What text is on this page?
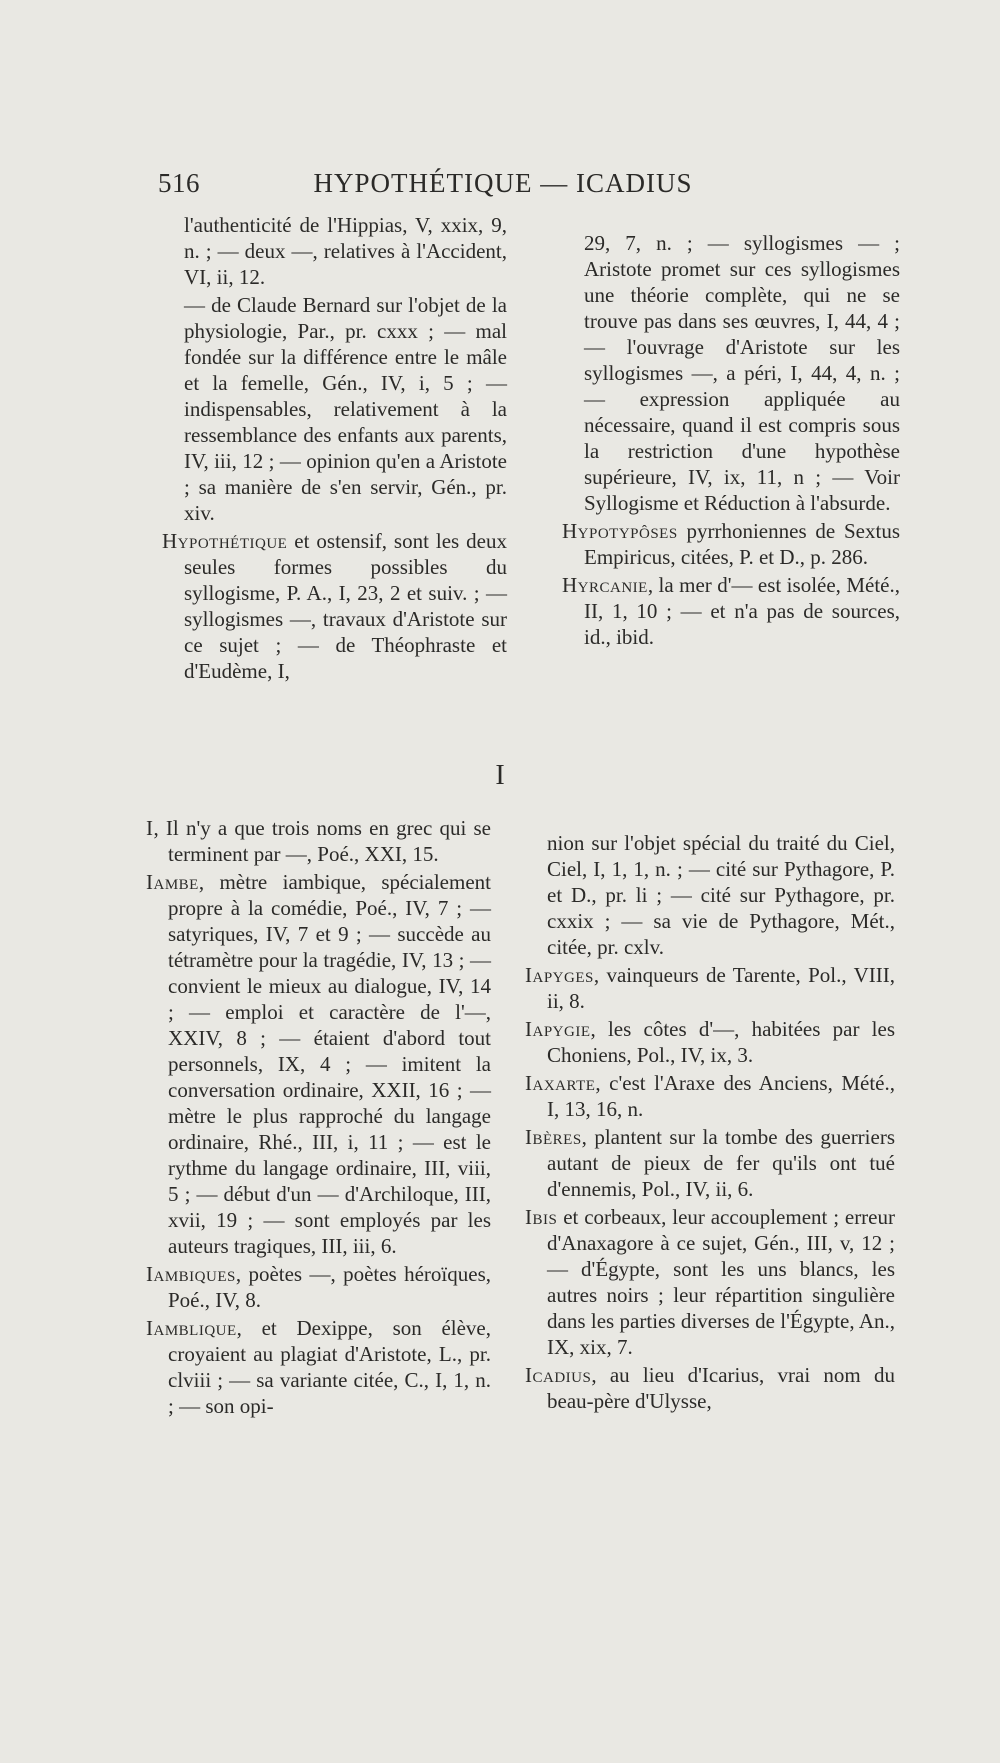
516	HYPOTHÉTIQUE — ICADIUS

l'authenticité de l'Hippias, V, xxix, 9, n. ; — deux —, relatives à l'Accident, VI, ii, 12.

— de Claude Bernard sur l'objet de la physiologie, Par., pr. cxxx ; — mal fondée sur la différence entre le mâle et la femelle, Gén., IV, i, 5 ; — indispensables, relativement à la ressemblance des enfants aux parents, IV, iii, 12 ; — opinion qu'en a Aristote ; sa manière de s'en servir, Gén., pr. xiv.

Hypothétique et ostensif, sont les deux seules formes possibles du syllogisme, P. A., I, 23, 2 et suiv. ; — syllogismes —, travaux d'Aristote sur ce sujet ; — de Théophraste et d'Eudème, I,

29, 7, n. ; — syllogismes — ; Aristote promet sur ces syllogismes une théorie complète, qui ne se trouve pas dans ses œuvres, I, 44, 4 ; — l'ouvrage d'Aristote sur les syllogismes —, a péri, I, 44, 4, n. ; — expression appliquée au nécessaire, quand il est compris sous la restriction d'une hypothèse supérieure, IV, ix, 11, n ; — Voir Syllogisme et Réduction à l'absurde.

Hypotypôses pyrrhoniennes de Sextus Empiricus, citées, P. et D., p. 286.

Hyrcanie, la mer d'— est isolée, Mété., II, 1, 10 ; — et n'a pas de sources, id., ibid.

I

I, Il n'y a que trois noms en grec qui se terminent par —, Poé., XXI, 15.

Iambe, mètre iambique, spécialement propre à la comédie, Poé., IV, 7 ; — satyriques, IV, 7 et 9 ; — succède au tétramètre pour la tragédie, IV, 13 ; — convient le mieux au dialogue, IV, 14 ; — emploi et caractère de l'—, XXIV, 8 ; — étaient d'abord tout personnels, IX, 4 ; — imitent la conversation ordinaire, XXII, 16 ; — mètre le plus rapproché du langage ordinaire, Rhé., III, i, 11 ; — est le rythme du langage ordinaire, III, viii, 5 ; — début d'un — d'Archiloque, III, xvii, 19 ; — sont employés par les auteurs tragiques, III, iii, 6.

Iambiques, poètes —, poètes héroïques, Poé., IV, 8.

Iamblique, et Dexippe, son élève, croyaient au plagiat d'Aristote, L., pr. clviii ; — sa variante citée, C., I, 1, n. ; — son opi-

nion sur l'objet spécial du traité du Ciel, Ciel, I, 1, 1, n. ; — cité sur Pythagore, P. et D., pr. li ; — cité sur Pythagore, pr. cxxix ; — sa vie de Pythagore, Mét., citée, pr. cxlv.

Iapyges, vainqueurs de Tarente, Pol., VIII, ii, 8.

Iapygie, les côtes d'—, habitées par les Choniens, Pol., IV, ix, 3.

Iaxarte, c'est l'Araxe des Anciens, Mété., I, 13, 16, n.

Ibères, plantent sur la tombe des guerriers autant de pieux de fer qu'ils ont tué d'ennemis, Pol., IV, ii, 6.

Ibis et corbeaux, leur accouplement ; erreur d'Anaxagore à ce sujet, Gén., III, v, 12 ; — d'Égypte, sont les uns blancs, les autres noirs ; leur répartition singulière dans les parties diverses de l'Égypte, An., IX, xix, 7.

Icadius, au lieu d'Icarius, vrai nom du beau-père d'Ulysse,
